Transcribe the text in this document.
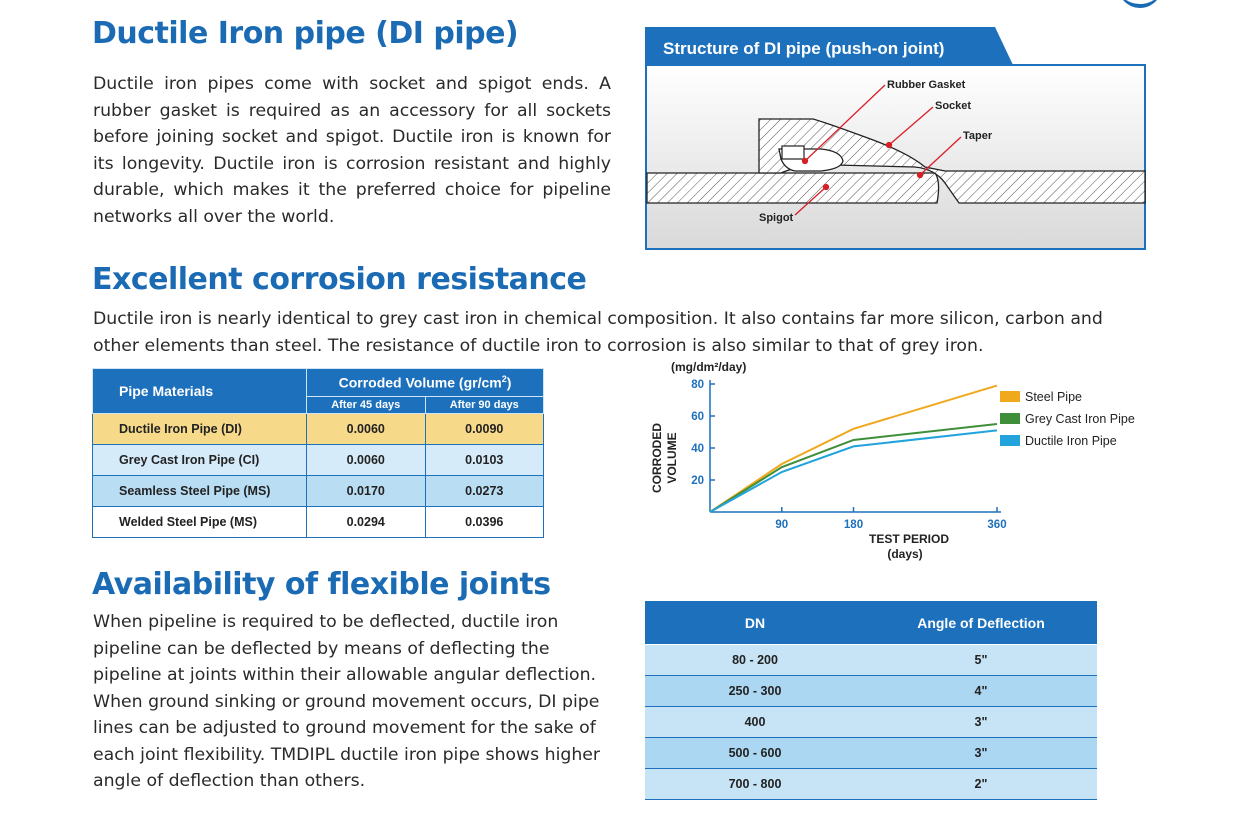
Ductile Iron pipe (DI pipe)

Ductile iron pipes come with socket and spigot ends. A rubber gasket is required as an accessory for all sockets before joining socket and spigot. Ductile iron is known for its longevity. Ductile iron is corrosion resistant and highly durable, which makes it the preferred choice for pipeline networks all over the world.

Structure of DI pipe (push-on joint)
Rubber Gasket
Socket
Taper
Spigot
Excellent corrosion resistance

Ductile iron is nearly identical to grey cast iron in chemical composition. It also contains far more silicon, carbon and other elements than steel. The resistance of ductile iron to corrosion is also similar to that of grey iron.

Pipe Materials	Corroded Volume $(gr/cm^2)$	
	After 45 days	After 90 days
Ductile Iron Pipe (DI)	0.0060	0.0090
Grey Cast Iron Pipe (CI)	0.0060	0.0103
Seamless Steel Pipe (MS)	0.0170	0.0273
Welded Steel Pipe (MS)	0.0294	0.0396
(mg/dm²/day)
CORRODED VOLUME
TEST PERIOD
(days)
20
40
60
80
90	180	360
Steel Pipe
Grey Cast Iron Pipe
Ductile Iron Pipe
Availability of flexible joints

When pipeline is required to be deflected, ductile iron pipeline can be deflected by means of deflecting the pipeline at joints within their allowable angular deflection. When ground sinking or ground movement occurs, DI pipe lines can be adjusted to ground movement for the sake of each joint flexibility. TMDIPL ductile iron pipe shows higher angle of deflection than others.

DN	Angle of Deflection
80 - 200	5"
250 - 300	4"
400	3"
500 - 600	3"
700 - 800	2"
